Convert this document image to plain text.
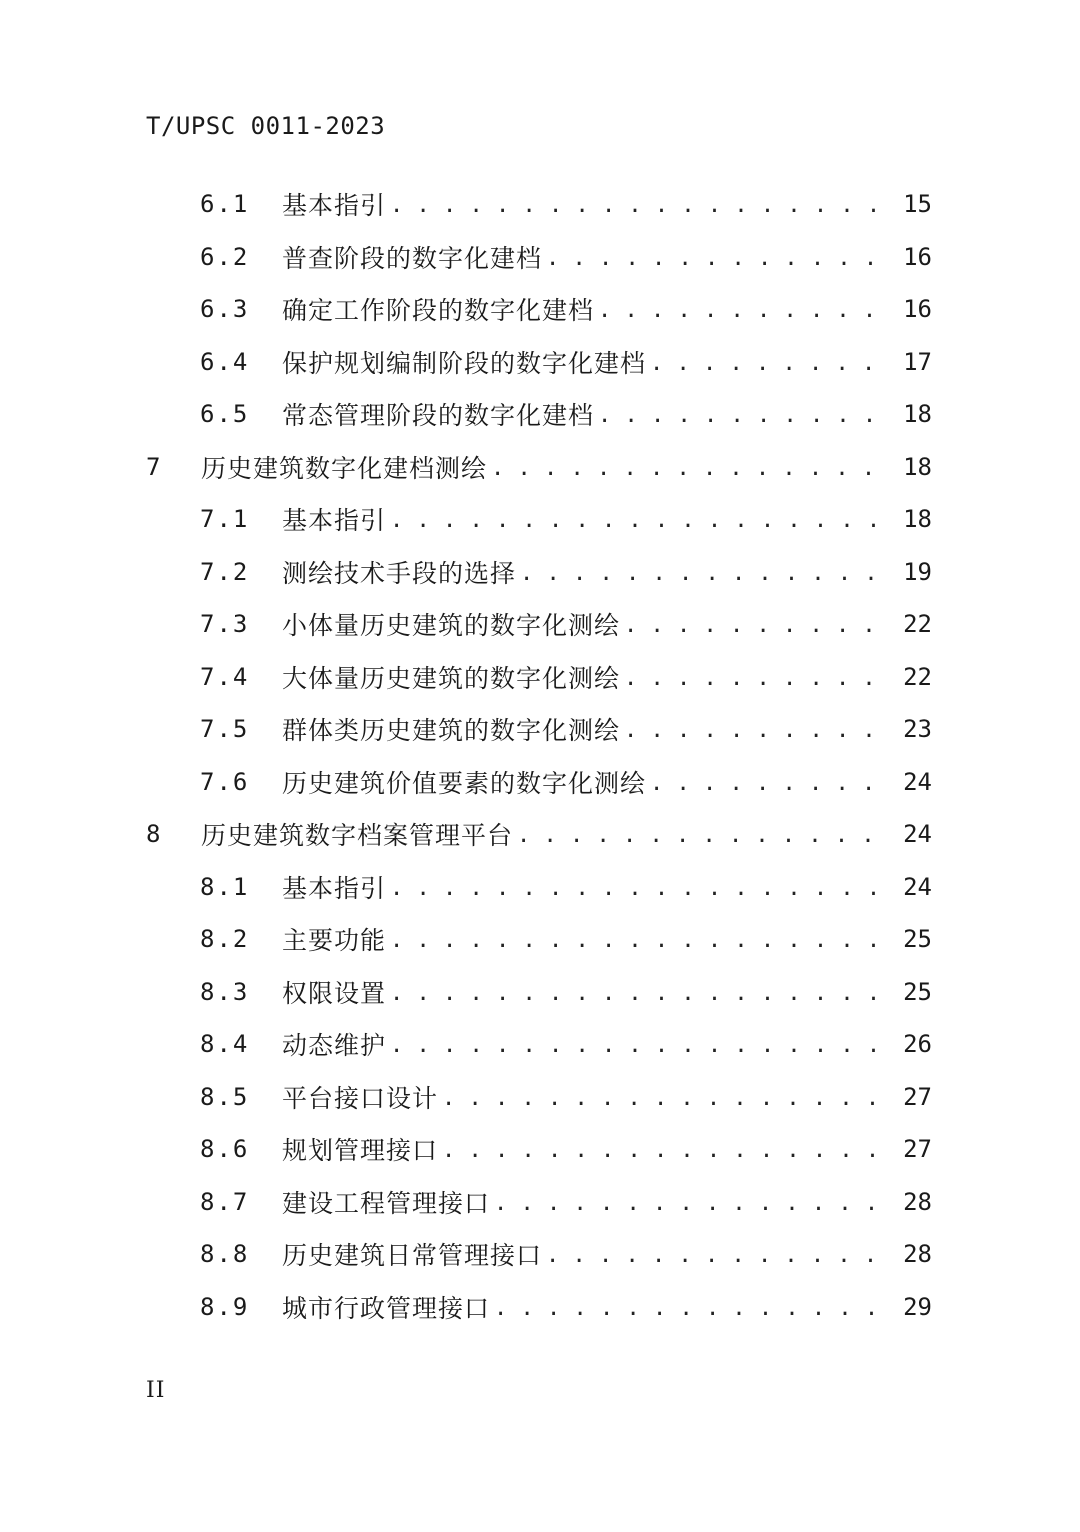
T/UPSC 0011-2023
6.1	基本指引 . . .	15
6.2	普查阶段的数字化建档 . . .	16
6.3	确定工作阶段的数字化建档 . . .	16
6.4	保护规划编制阶段的数字化建档 . . .	17
6.5	常态管理阶段的数字化建档 . . .	18
7	历史建筑数字化建档测绘 . . .	18
7.1	基本指引 . . .	18
7.2	测绘技术手段的选择 . . .	19
7.3	小体量历史建筑的数字化测绘 . . .	22
7.4	大体量历史建筑的数字化测绘 . . .	22
7.5	群体类历史建筑的数字化测绘 . . .	23
7.6	历史建筑价值要素的数字化测绘 . . .	24
8	历史建筑数字档案管理平台 . . .	24
8.1	基本指引 . . .	24
8.2	主要功能 . . .	25
8.3	权限设置 . . .	25
8.4	动态维护 . . .	26
8.5	平台接口设计 . . .	27
8.6	规划管理接口 . . .	27
8.7	建设工程管理接口 . . .	28
8.8	历史建筑日常管理接口 . . .	28
8.9	城市行政管理接口 . . .	29
II
